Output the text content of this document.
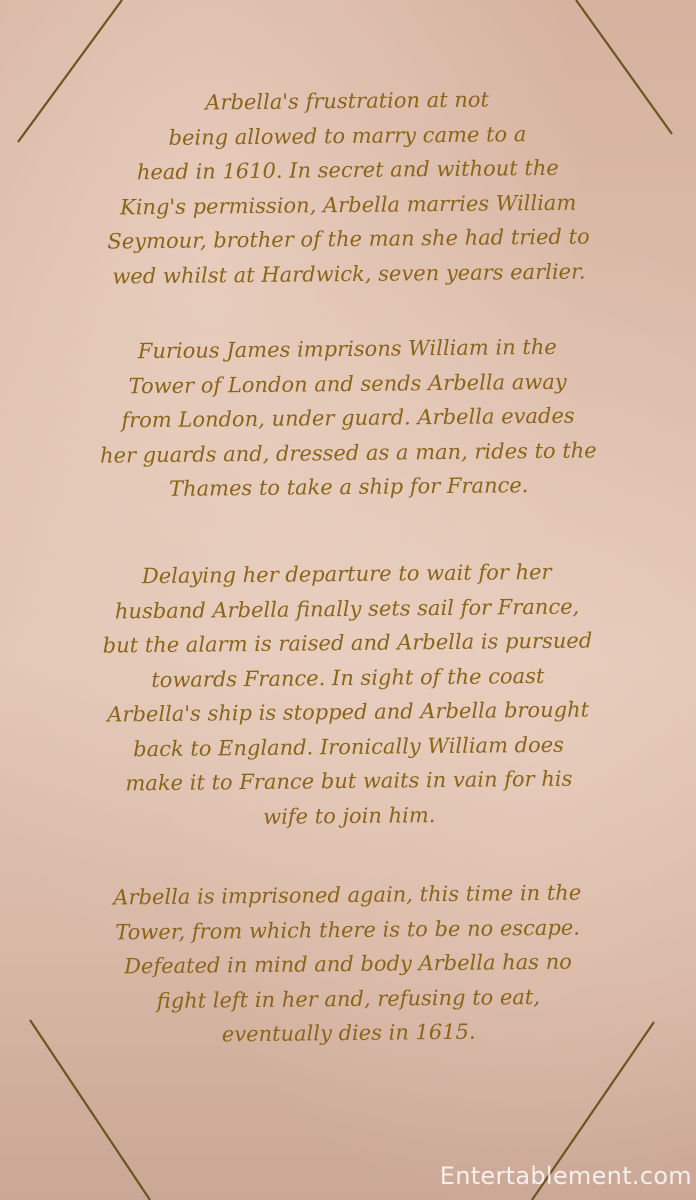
Arbella's frustration at not
being allowed to marry came to a
head in 1610. In secret and without the
King's permission, Arbella marries William
Seymour, brother of the man she had tried to
wed whilst at Hardwick, seven years earlier.
Furious James imprisons William in the
Tower of London and sends Arbella away
from London, under guard. Arbella evades
her guards and, dressed as a man, rides to the
Thames to take a ship for France.
Delaying her departure to wait for her
husband Arbella finally sets sail for France,
but the alarm is raised and Arbella is pursued
towards France. In sight of the coast
Arbella's ship is stopped and Arbella brought
back to England. Ironically William does
make it to France but waits in vain for his
wife to join him.
Arbella is imprisoned again, this time in the
Tower, from which there is to be no escape.
Defeated in mind and body Arbella has no
fight left in her and, refusing to eat,
eventually dies in 1615.
Entertablement.com
